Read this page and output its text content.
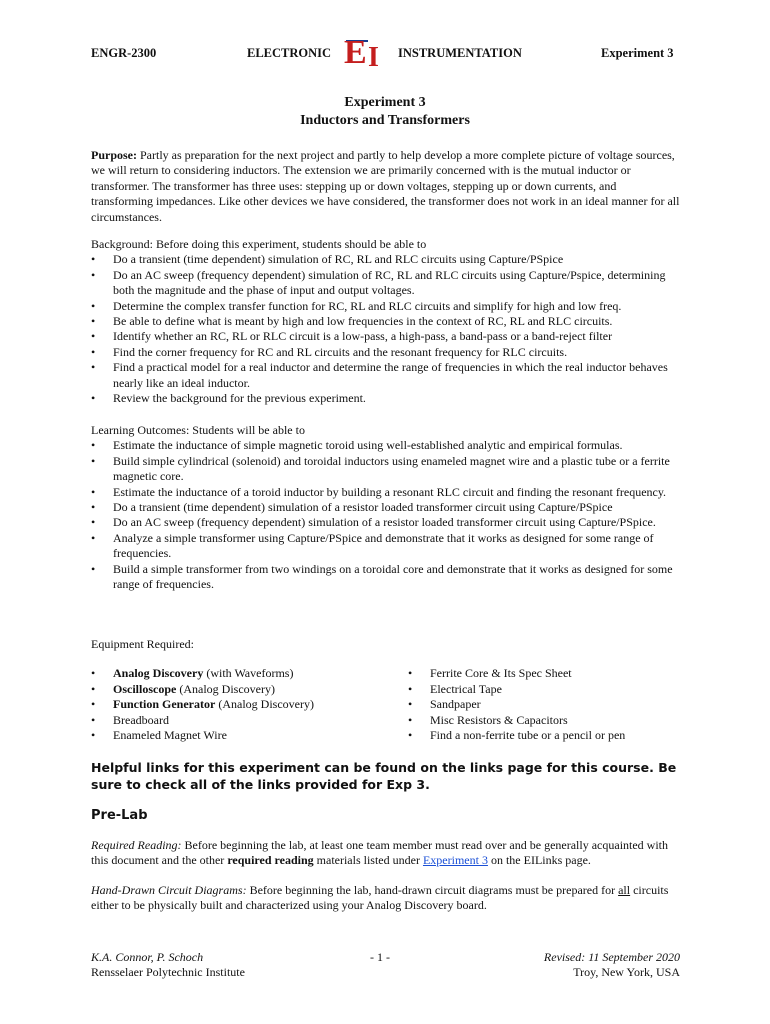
ENGR-2300	ELECTRONIC E I INSTRUMENTATION	Experiment 3
Experiment 3
Inductors and Transformers

Purpose: Partly as preparation for the next project and partly to help develop a more complete picture of voltage sources, we will return to considering inductors. The extension we are primarily concerned with is the mutual inductor or transformer. The transformer has three uses: stepping up or down voltages, stepping up or down currents, and transforming impedances. Like other devices we have considered, the transformer does not work in an ideal manner for all circumstances.

Background: Before doing this experiment, students should be able to

• Do a transient (time dependent) simulation of RC, RL and RLC circuits using Capture/PSpice
• Do an AC sweep (frequency dependent) simulation of RC, RL and RLC circuits using Capture/Pspice, determining both the magnitude and the phase of input and output voltages.
• Determine the complex transfer function for RC, RL and RLC circuits and simplify for high and low freq.
• Be able to define what is meant by high and low frequencies in the context of RC, RL and RLC circuits.
• Identify whether an RC, RL or RLC circuit is a low-pass, a high-pass, a band-pass or a band-reject filter
• Find the corner frequency for RC and RL circuits and the resonant frequency for RLC circuits.
• Find a practical model for a real inductor and determine the range of frequencies in which the real inductor behaves nearly like an ideal inductor.
• Review the background for the previous experiment.

Learning Outcomes: Students will be able to

• Estimate the inductance of simple magnetic toroid using well-established analytic and empirical formulas.
• Build simple cylindrical (solenoid) and toroidal inductors using enameled magnet wire and a plastic tube or a ferrite magnetic core.
• Estimate the inductance of a toroid inductor by building a resonant RLC circuit and finding the resonant frequency.
• Do a transient (time dependent) simulation of a resistor loaded transformer circuit using Capture/PSpice
• Do an AC sweep (frequency dependent) simulation of a resistor loaded transformer circuit using Capture/PSpice.
• Analyze a simple transformer using Capture/PSpice and demonstrate that it works as designed for some range of frequencies.
• Build a simple transformer from two windings on a toroidal core and demonstrate that it works as designed for some range of frequencies.
Equipment Required:
• Analog Discovery (with Waveforms)
• Oscilloscope (Analog Discovery)
• Function Generator (Analog Discovery)
• Breadboard
• Enameled Magnet Wire
• Ferrite Core & Its Spec Sheet
• Electrical Tape
• Sandpaper
• Misc Resistors & Capacitors
• Find a non-ferrite tube or a pencil or pen
Helpful links for this experiment can be found on the links page for this course. Be sure to check all of the links provided for Exp 3.
Pre-Lab

Required Reading: Before beginning the lab, at least one team member must read over and be generally acquainted with this document and the other required reading materials listed under Experiment 3 on the EILinks page.

Hand-Drawn Circuit Diagrams: Before beginning the lab, hand-drawn circuit diagrams must be prepared for all circuits either to be physically built and characterized using your Analog Discovery board.

K.A. Connor, P. Schoch
Rensselaer Polytechnic Institute
- 1 -	Revised: 11 September 2020
Troy, New York, USA
